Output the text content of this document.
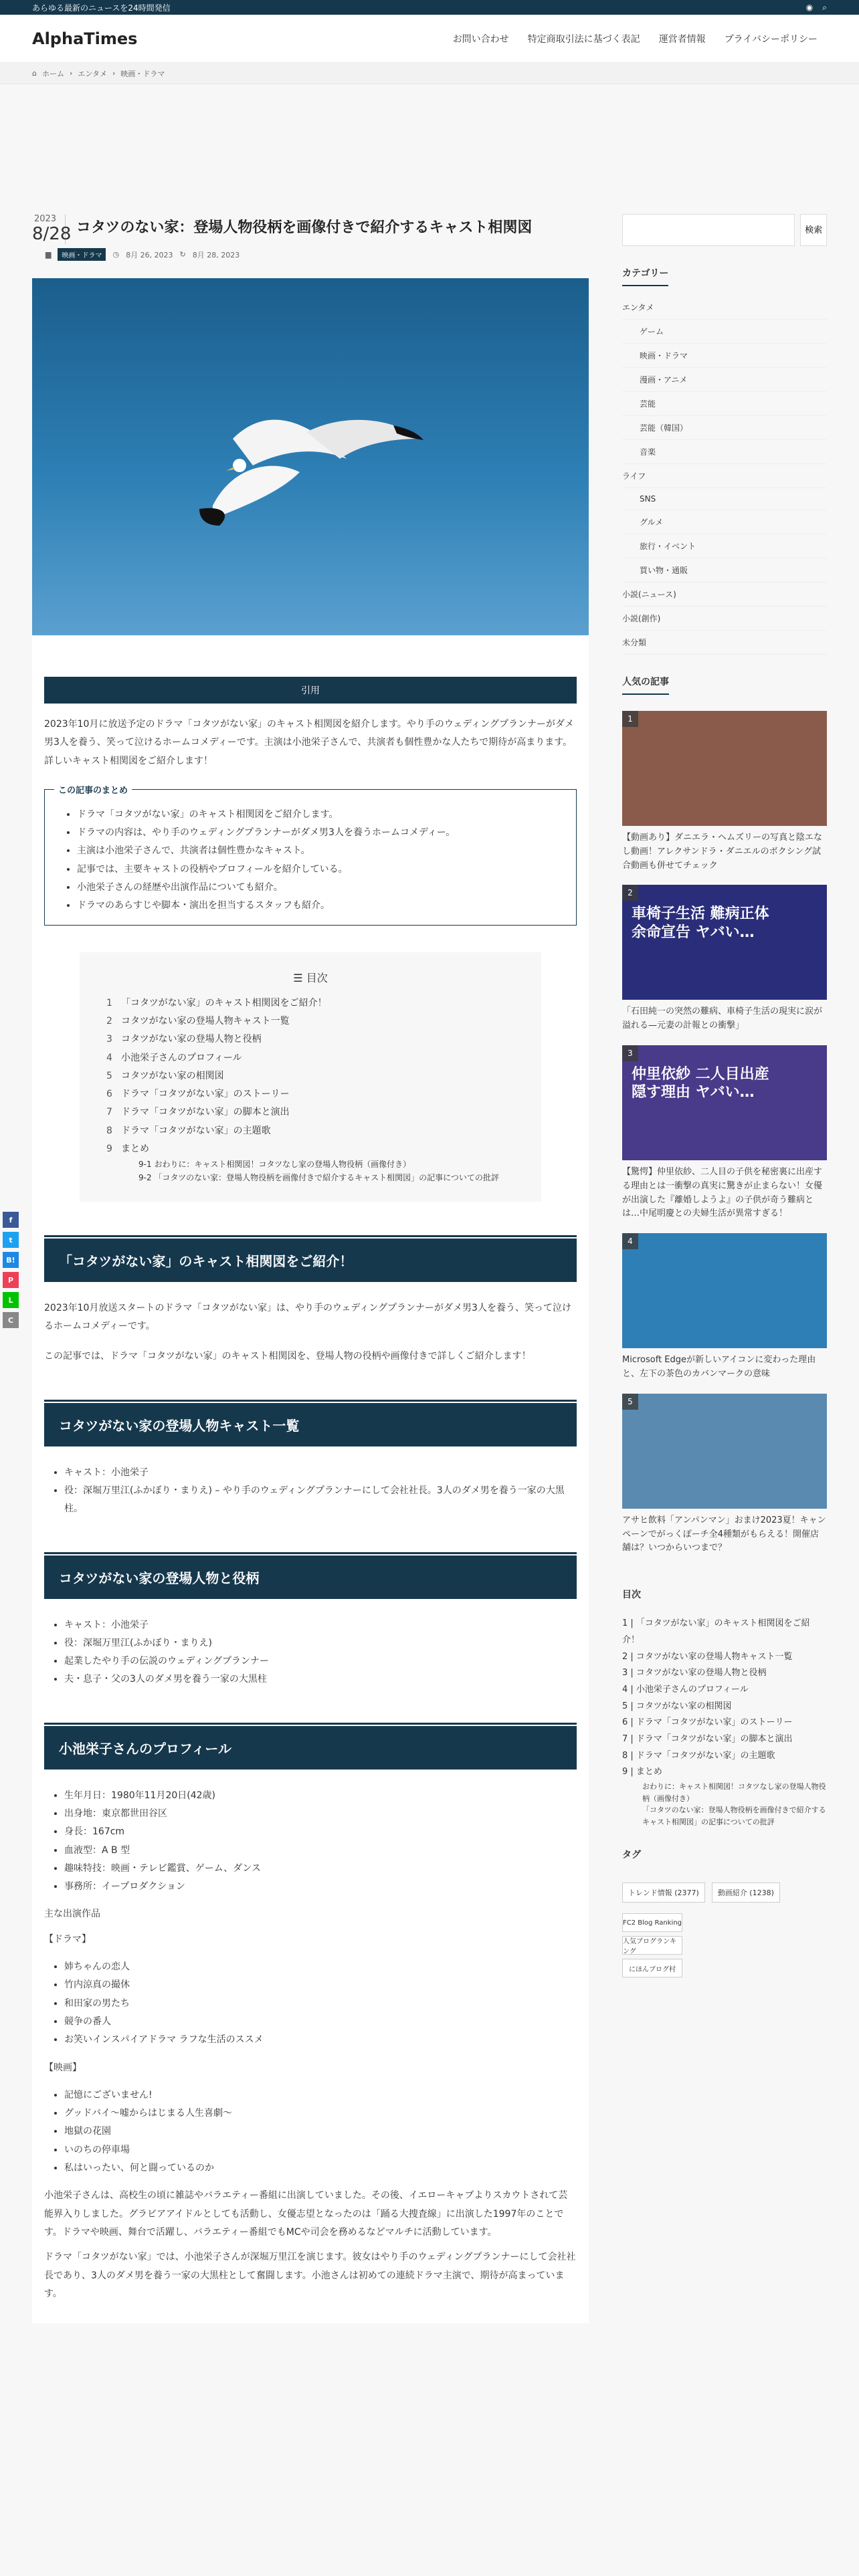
あらゆる最新のニュースを24時間発信	◉ ⌕
AlphaTimes	お問い合わせ	特定商取引法に基づく表記	運営者情報	プライバシーポリシー
⌂ ホーム › エンタメ › 映画・ドラマ
2023
8/28 コタツのない家：登場人物役柄を画像付きで紹介するキャスト相関図
▆	映画・ドラマ	◷ 8月 26, 2023 ↻ 8月 28, 2023
引用

2023年10月に放送予定のドラマ「コタツがない家」のキャスト相関図を紹介します。やり手のウェディングプランナーがダメ男3人を養う、笑って泣けるホームコメディーです。主演は小池栄子さんで、共演者も個性豊かな人たちで期待が高まります。詳しいキャスト相関図をご紹介します！

この記事のまとめ
• ドラマ「コタツがない家」のキャスト相関図をご紹介します。
• ドラマの内容は、やり手のウェディングプランナーがダメ男3人を養うホームコメディー。
• 主演は小池栄子さんで、共演者は個性豊かなキャスト。
• 記事では、主要キャストの役柄やプロフィールを紹介している。
• 小池栄子さんの経歴や出演作品についても紹介。
• ドラマのあらすじや脚本・演出を担当するスタッフも紹介。
☰ 目次
1 「コタツがない家」のキャスト相関図をご紹介！
2 コタツがない家の登場人物キャスト一覧
3 コタツがない家の登場人物と役柄
4 小池栄子さんのプロフィール
5 コタツがない家の相関図
6 ドラマ「コタツがない家」のストーリー
7 ドラマ「コタツがない家」の脚本と演出
8 ドラマ「コタツがない家」の主題歌
9 まとめ
9-1 おわりに：キャスト相関図！コタツなし家の登場人物役柄（画像付き）
9-2 「コタツのない家：登場人物役柄を画像付きで紹介するキャスト相関図」の記事についての批評
「コタツがない家」のキャスト相関図をご紹介！

2023年10月放送スタートのドラマ「コタツがない家」は、やり手のウェディングプランナーがダメ男3人を養う、笑って泣けるホームコメディーです。

この記事では、ドラマ「コタツがない家」のキャスト相関図を、登場人物の役柄や画像付きで詳しくご紹介します！

コタツがない家の登場人物キャスト一覧
• キャスト：小池栄子
• 役：深堀万里江(ふかぼり・まりえ) – やり手のウェディングプランナーにして会社社長。3人のダメ男を養う一家の大黒柱。
コタツがない家の登場人物と役柄
• キャスト：小池栄子
• 役：深堀万里江(ふかぼり・まりえ)
• 起業したやり手の伝説のウェディングプランナー
• 夫・息子・父の3人のダメ男を養う一家の大黒柱
小池栄子さんのプロフィール
• 生年月日：1980年11月20日(42歳)
• 出身地：東京都世田谷区
• 身長：167cm
• 血液型：A B 型
• 趣味特技：映画・テレビ鑑賞、ゲーム、ダンス
• 事務所：イープロダクション

主な出演作品

【ドラマ】

• 姉ちゃんの恋人
• 竹内涼真の撮休
• 和田家の男たち
• 競争の番人
• お笑いインスパイアドラマ ラフな生活のススメ

【映画】

• 記憶にございません!
• グッドバイ〜嘘からはじまる人生喜劇〜
• 地獄の花園
• いのちの停車場
• 私はいったい、何と闘っているのか

小池栄子さんは、高校生の頃に雑誌やバラエティー番組に出演していました。その後、イエローキャブよりスカウトされて芸能界入りしました。グラビアアイドルとしても活動し、女優志望となったのは「踊る大捜査線」に出演した1997年のことです。ドラマや映画、舞台で活躍し、バラエティー番組でもMCや司会を務めるなどマルチに活動しています。

ドラマ「コタツがない家」では、小池栄子さんが深堀万里江を演じます。彼女はやり手のウェディングプランナーにして会社社長であり、3人のダメ男を養う一家の大黒柱として奮闘します。小池さんは初めての連続ドラマ主演で、期待が高まっています。

検索
カテゴリー
エンタメ
ゲーム
映画・ドラマ
漫画・アニメ
芸能
芸能（韓国）
音楽
ライフ
SNS
グルメ
旅行・イベント
買い物・通販
小説(ニュース)
小説(創作)
未分類
人気の記事
1
【動画あり】ダニエラ・ヘムズリーの写真と陰エなし動画！アレクサンドラ・ダニエルのボクシング試合動画も併せてチェック
2
車椅子生活 難病正体 余命宣告 ヤバい…
「石田純一の突然の難病、車椅子生活の現実に涙が溢れる—元妻の計報との衝撃」
3
仲里依紗 二人目出産 隠す理由 ヤバい…
【驚愕】仲里依紗、二人目の子供を秘密裏に出産する理由とは一衝撃の真実に驚きが止まらない！女優が出演した『離婚しようよ』の子供が奇う難病とは…中尾明慶との夫婦生活が異常すぎる！
4
Microsoft Edgeが新しいアイコンに変わった理由と、左下の茶色のカバンマークの意味
5
アサヒ飲料「アンパンマン」おまけ2023夏！キャンペーンでがっくぽーチ全4種類がもらえる！開催店舗は？いつからいつまで？
目次
1 | 「コタツがない家」のキャスト相関図をご紹介！
2 | コタツがない家の登場人物キャスト一覧
3 | コタツがない家の登場人物と役柄
4 | 小池栄子さんのプロフィール
5 | コタツがない家の相関図
6 | ドラマ「コタツがない家」のストーリー
7 | ドラマ「コタツがない家」の脚本と演出
8 | ドラマ「コタツがない家」の主題歌
9 | まとめ
おわりに：キャスト相関図！コタツなし家の登場人物役柄（画像付き）
「コタツのない家：登場人物役柄を画像付きで紹介するキャスト相関図」の記事についての批評
タグ
トレンド情報 (2377)	動画紹介 (1238)
FC2 Blog Ranking
人気ブログランキング
にほんブログ村
f
t
B!
P
L
C
